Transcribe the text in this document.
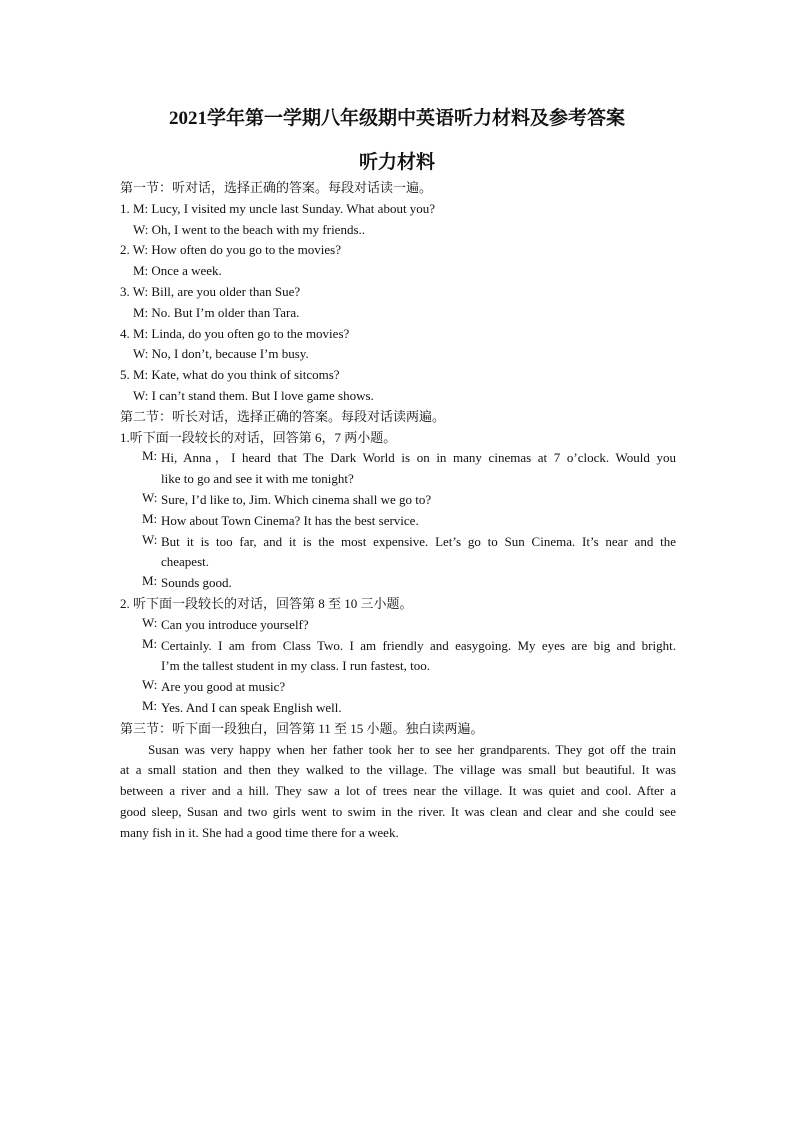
2021学年第一学期八年级期中英语听力材料及参考答案
听力材料
第一节：听对话，选择正确的答案。每段对话读一遍。
1. M: Lucy, I visited my uncle last Sunday. What about you?
W: Oh, I went to the beach with my friends..
2. W: How often do you go to the movies?
M: Once a week.
3. W: Bill, are you older than Sue?
M: No. But I’m older than Tara.
4. M: Linda, do you often go to the movies?
W: No, I don’t, because I’m busy.
5. M: Kate, what do you think of sitcoms?
W: I can’t stand them. But I love game shows.
第二节：听长对话，选择正确的答案。每段对话读两遍。
1.听下面一段较长的对话，回答第 6，7 两小题。
M: Hi, Anna，I heard that The Dark World is on in many cinemas at 7 o’clock. Would you
like to go and see it with me tonight?
W: Sure, I’d like to, Jim. Which cinema shall we go to?
M: How about Town Cinema? It has the best service.
W: But it is too far, and it is the most expensive. Let’s go to Sun Cinema. It’s near and the
cheapest.
M: Sounds good.
2. 听下面一段较长的对话，回答第 8 至 10 三小题。
W: Can you introduce yourself?
M: Certainly. I am from Class Two. I am friendly and easygoing. My eyes are big and bright.
I’m the tallest student in my class. I run fastest, too.
W: Are you good at music?
M: Yes. And I can speak English well.
第三节：听下面一段独白，回答第 11 至 15 小题。独白读两遍。
Susan was very happy when her father took her to see her grandparents. They got off the train
at a small station and then they walked to the village. The village was small but beautiful. It was
between a river and a hill. They saw a lot of trees near the village. It was quiet and cool. After a
good sleep, Susan and two girls went to swim in the river. It was clean and clear and she could see
many fish in it. She had a good time there for a week.
